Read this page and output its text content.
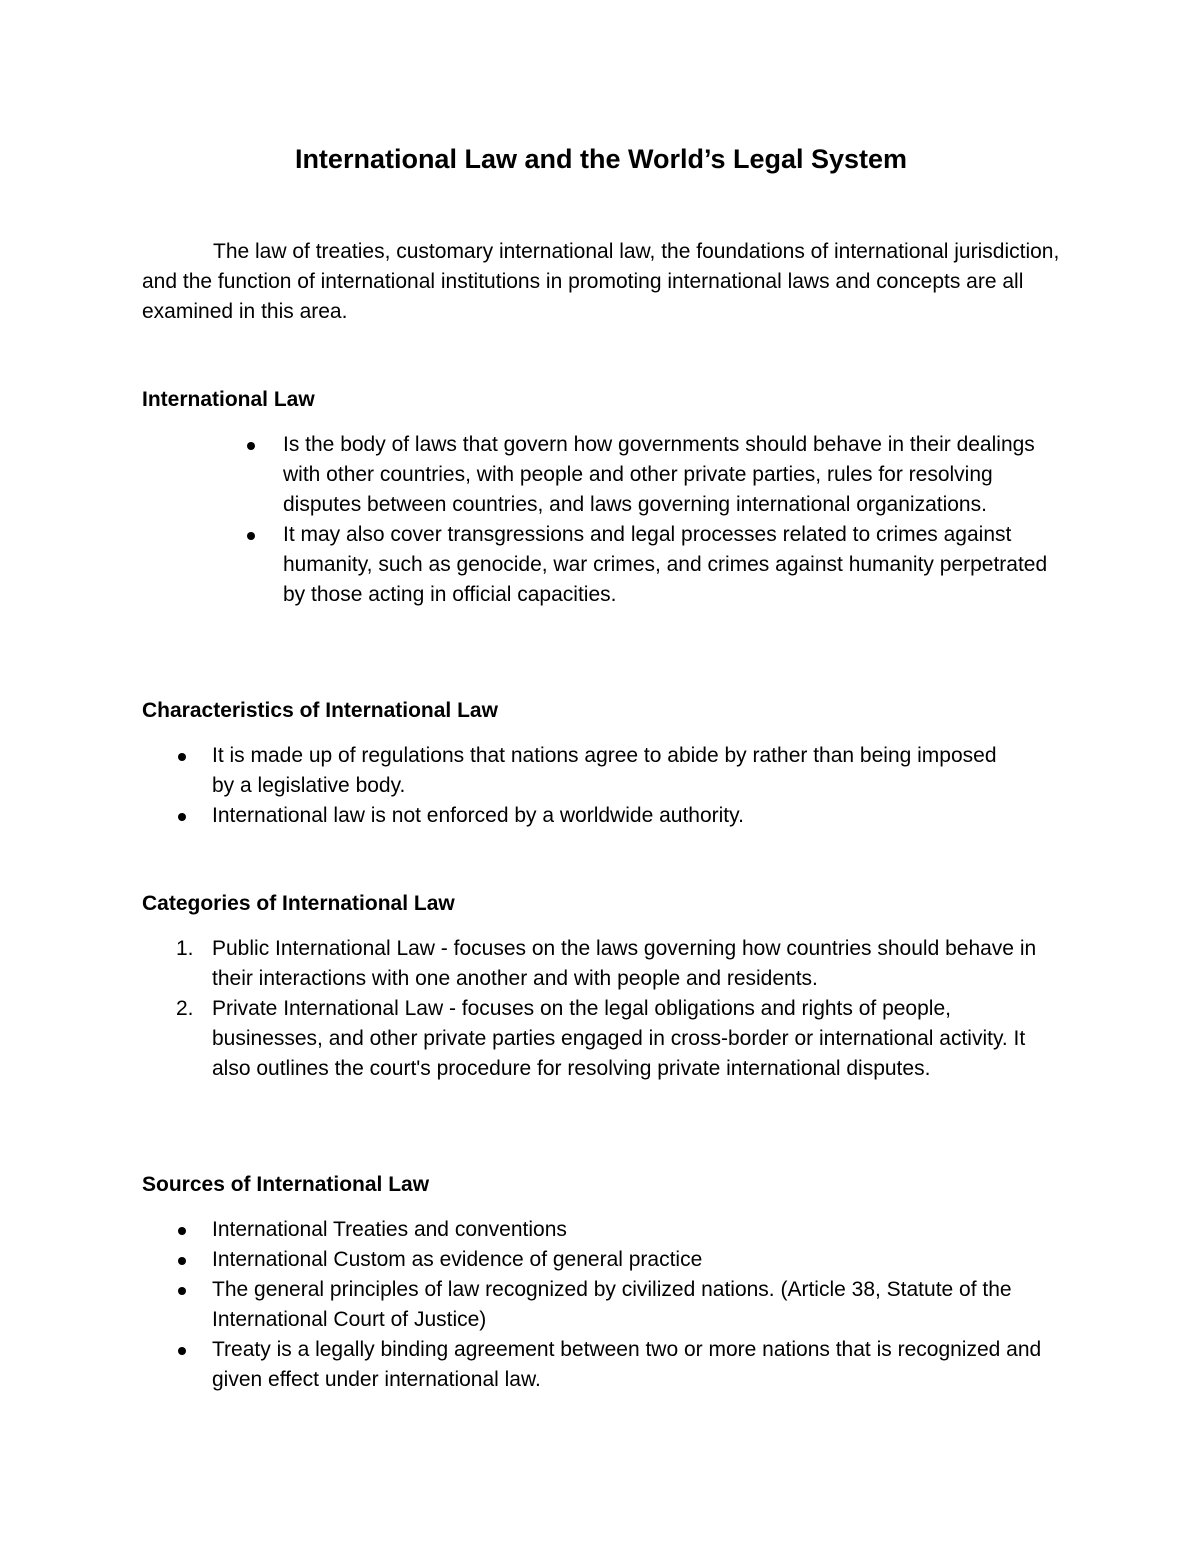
International Law and the World’s Legal System

The law of treaties, customary international law, the foundations of international jurisdiction, and the function of international institutions in promoting international laws and concepts are all examined in this area.

International Law
Is the body of laws that govern how governments should behave in their dealings with other countries, with people and other private parties, rules for resolving disputes between countries, and laws governing international organizations.
It may also cover transgressions and legal processes related to crimes against humanity, such as genocide, war crimes, and crimes against humanity perpetrated by those acting in official capacities.
Characteristics of International Law
It is made up of regulations that nations agree to abide by rather than being imposed by a legislative body.
International law is not enforced by a worldwide authority.
Categories of International Law
1. Public International Law - focuses on the laws governing how countries should behave in their interactions with one another and with people and residents.
2. Private International Law - focuses on the legal obligations and rights of people, businesses, and other private parties engaged in cross-border or international activity. It also outlines the court's procedure for resolving private international disputes.
Sources of International Law
International Treaties and conventions
International Custom as evidence of general practice
The general principles of law recognized by civilized nations. (Article 38, Statute of the International Court of Justice)
Treaty is a legally binding agreement between two or more nations that is recognized and given effect under international law.
